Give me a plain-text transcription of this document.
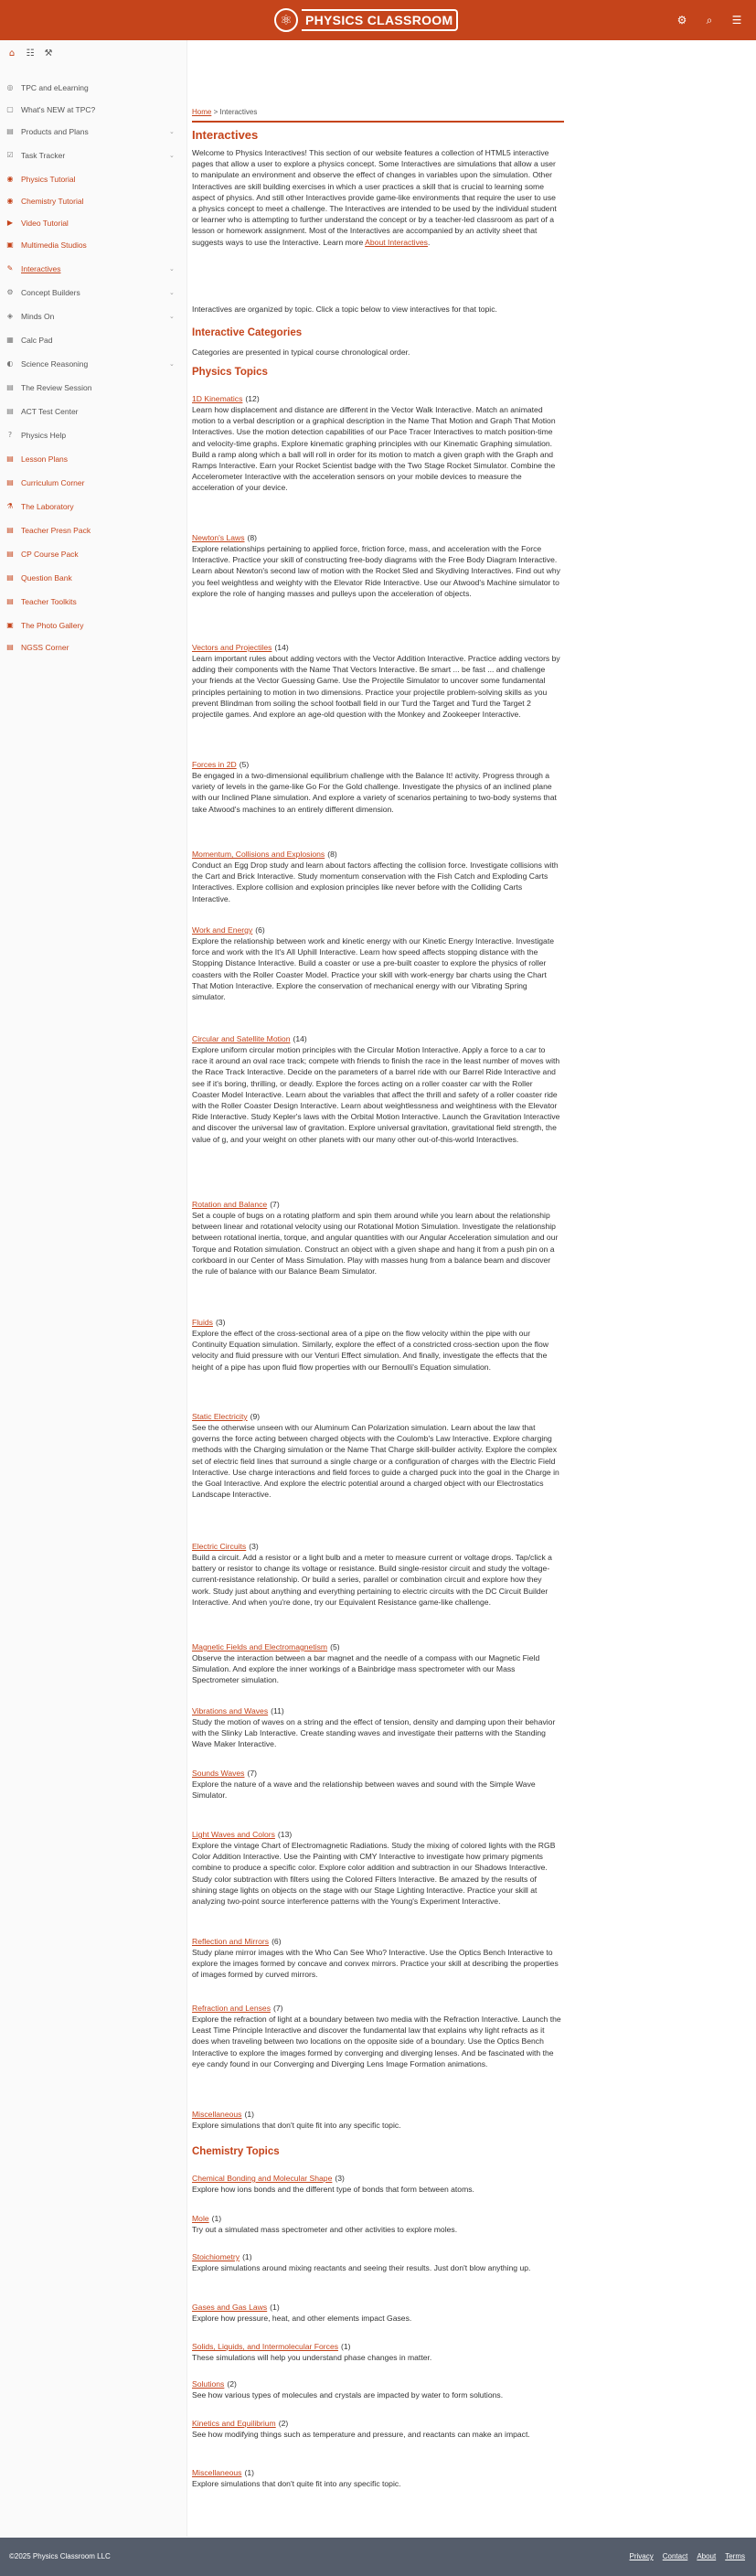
⚛	PHYSICS CLASSROOM	⚙	⌕	☰
⌂	☷ ⚒
◎ TPC and eLearning
▢ What's NEW at TPC?
▤ Products and Plans	⌄
☑ Task Tracker	⌄
◉ Physics Tutorial
◉ Chemistry Tutorial
▶ Video Tutorial
▣ Multimedia Studios
✎ Interactives	⌄
⚙ Concept Builders	⌄
◈ Minds On	⌄
▦ Calc Pad
◐ Science Reasoning	⌄
▤ The Review Session
▤ ACT Test Center
?	Physics Help
▤ Lesson Plans
▤ Curriculum Corner
⚗ The Laboratory
▤ Teacher Presn Pack
▤ CP Course Pack
▤ Question Bank
▤ Teacher Toolkits
▣ The Photo Gallery
▤ NGSS Corner
Home > Interactives
Interactives

Welcome to Physics Interactives! This section of our website features a collection of HTML5 interactive pages that allow a user to explore a physics concept. Some Interactives are simulations that allow a user to manipulate an environment and observe the effect of changes in variables upon the simulation. Other Interactives are skill building exercises in which a user practices a skill that is crucial to learning some aspect of physics. And still other Interactives provide game-like environments that require the user to use a physics concept to meet a challenge. The Interactives are intended to be used by the individual student or learner who is attempting to further understand the concept or by a teacher-led classroom as part of a lesson or homework assignment. Most of the Interactives are accompanied by an activity sheet that suggests ways to use the Interactive. Learn more About Interactives.

Interactives are organized by topic. Click a topic below to view interactives for that topic.

Interactive Categories

Categories are presented in typical course chronological order.

Physics Topics
1D Kinematics (12)
Learn how displacement and distance are different in the Vector Walk Interactive. Match an animated motion to a verbal description or a graphical description in the Name That Motion and Graph That Motion Interactives. Use the motion detection capabilities of our Pace Tracer Interactives to match position-time and velocity-time graphs. Explore kinematic graphing principles with our Kinematic Graphing simulation. Build a ramp along which a ball will roll in order for its motion to match a given graph with the Graph and Ramps Interactive. Earn your Rocket Scientist badge with the Two Stage Rocket Simulator. Combine the Accelerometer Interactive with the acceleration sensors on your mobile devices to measure the acceleration of your device.
Newton's Laws (8)
Explore relationships pertaining to applied force, friction force, mass, and acceleration with the Force Interactive. Practice your skill of constructing free-body diagrams with the Free Body Diagram Interactive. Learn about Newton's second law of motion with the Rocket Sled and Skydiving Interactives. Find out why you feel weightless and weighty with the Elevator Ride Interactive. Use our Atwood's Machine simulator to explore the role of hanging masses and pulleys upon the acceleration of objects.
Vectors and Projectiles (14)
Learn important rules about adding vectors with the Vector Addition Interactive. Practice adding vectors by adding their components with the Name That Vectors Interactive. Be smart ... be fast ... and challenge your friends at the Vector Guessing Game. Use the Projectile Simulator to uncover some fundamental principles pertaining to motion in two dimensions. Practice your projectile problem-solving skills as you prevent Blindman from soiling the school football field in our Turd the Target and Turd the Target 2 projectile games. And explore an age-old question with the Monkey and Zookeeper Interactive.
Forces in 2D (5)
Be engaged in a two-dimensional equilibrium challenge with the Balance It! activity. Progress through a variety of levels in the game-like Go For the Gold challenge. Investigate the physics of an inclined plane with our Inclined Plane simulation. And explore a variety of scenarios pertaining to two-body systems that take Atwood's machines to an entirely different dimension.
Momentum, Collisions and Explosions (8)
Conduct an Egg Drop study and learn about factors affecting the collision force. Investigate collisions with the Cart and Brick Interactive. Study momentum conservation with the Fish Catch and Exploding Carts Interactives. Explore collision and explosion principles like never before with the Colliding Carts Interactive.
Work and Energy (6)
Explore the relationship between work and kinetic energy with our Kinetic Energy Interactive. Investigate force and work with the It's All Uphill Interactive. Learn how speed affects stopping distance with the Stopping Distance Interactive. Build a coaster or use a pre-built coaster to explore the physics of roller coasters with the Roller Coaster Model. Practice your skill with work-energy bar charts using the Chart That Motion Interactive. Explore the conservation of mechanical energy with our Vibrating Spring simulator.
Circular and Satellite Motion (14)
Explore uniform circular motion principles with the Circular Motion Interactive. Apply a force to a car to race it around an oval race track; compete with friends to finish the race in the least number of moves with the Race Track Interactive. Decide on the parameters of a barrel ride with our Barrel Ride Interactive and see if it's boring, thrilling, or deadly. Explore the forces acting on a roller coaster car with the Roller Coaster Model Interactive. Learn about the variables that affect the thrill and safety of a roller coaster ride with the Roller Coaster Design Interactive. Learn about weightlessness and weightiness with the Elevator Ride Interactive. Study Kepler's laws with the Orbital Motion Interactive. Launch the Gravitation Interactive and discover the universal law of gravitation. Explore universal gravitation, gravitational field strength, the value of g, and your weight on other planets with our many other out-of-this-world Interactives.
Rotation and Balance (7)
Set a couple of bugs on a rotating platform and spin them around while you learn about the relationship between linear and rotational velocity using our Rotational Motion Simulation. Investigate the relationship between rotational inertia, torque, and angular quantities with our Angular Acceleration simulation and our Torque and Rotation simulation. Construct an object with a given shape and hang it from a push pin on a corkboard in our Center of Mass Simulation. Play with masses hung from a balance beam and discover the rule of balance with our Balance Beam Simulator.
Fluids (3)
Explore the effect of the cross-sectional area of a pipe on the flow velocity within the pipe with our Continuity Equation simulation. Similarly, explore the effect of a constricted cross-section upon the flow velocity and fluid pressure with our Venturi Effect simulation. And finally, investigate the effects that the height of a pipe has upon fluid flow properties with our Bernoulli's Equation simulation.
Static Electricity (9)
See the otherwise unseen with our Aluminum Can Polarization simulation. Learn about the law that governs the force acting between charged objects with the Coulomb's Law Interactive. Explore charging methods with the Charging simulation or the Name That Charge skill-builder activity. Explore the complex set of electric field lines that surround a single charge or a configuration of charges with the Electric Field Interactive. Use charge interactions and field forces to guide a charged puck into the goal in the Charge in the Goal Interactive. And explore the electric potential around a charged object with our Electrostatics Landscape Interactive.
Electric Circuits (3)
Build a circuit. Add a resistor or a light bulb and a meter to measure current or voltage drops. Tap/click a battery or resistor to change its voltage or resistance. Build single-resistor circuit and study the voltage-current-resistance relationship. Or build a series, parallel or combination circuit and explore how they work. Study just about anything and everything pertaining to electric circuits with the DC Circuit Builder Interactive. And when you're done, try our Equivalent Resistance game-like challenge.
Magnetic Fields and Electromagnetism (5)
Observe the interaction between a bar magnet and the needle of a compass with our Magnetic Field Simulation. And explore the inner workings of a Bainbridge mass spectrometer with our Mass Spectrometer simulation.
Vibrations and Waves (11)
Study the motion of waves on a string and the effect of tension, density and damping upon their behavior with the Slinky Lab Interactive. Create standing waves and investigate their patterns with the Standing Wave Maker Interactive.
Sounds Waves (7)
Explore the nature of a wave and the relationship between waves and sound with the Simple Wave Simulator.
Light Waves and Colors (13)
Explore the vintage Chart of Electromagnetic Radiations. Study the mixing of colored lights with the RGB Color Addition Interactive. Use the Painting with CMY Interactive to investigate how primary pigments combine to produce a specific color. Explore color addition and subtraction in our Shadows Interactive. Study color subtraction with filters using the Colored Filters Interactive. Be amazed by the results of shining stage lights on objects on the stage with our Stage Lighting Interactive. Practice your skill at analyzing two-point source interference patterns with the Young's Experiment Interactive.
Reflection and Mirrors (6)
Study plane mirror images with the Who Can See Who? Interactive. Use the Optics Bench Interactive to explore the images formed by concave and convex mirrors. Practice your skill at describing the properties of images formed by curved mirrors.
Refraction and Lenses (7)
Explore the refraction of light at a boundary between two media with the Refraction Interactive. Launch the Least Time Principle Interactive and discover the fundamental law that explains why light refracts as it does when traveling between two locations on the opposite side of a boundary. Use the Optics Bench Interactive to explore the images formed by converging and diverging lenses. And be fascinated with the eye candy found in our Converging and Diverging Lens Image Formation animations.
Miscellaneous (1)
Explore simulations that don't quite fit into any specific topic.
Chemistry Topics
Chemical Bonding and Molecular Shape (3)
Explore how ions bonds and the different type of bonds that form between atoms.
Mole (1)
Try out a simulated mass spectrometer and other activities to explore moles.
Stoichiometry (1)
Explore simulations around mixing reactants and seeing their results. Just don't blow anything up.
Gases and Gas Laws (1)
Explore how pressure, heat, and other elements impact Gases.
Solids, Liquids, and Intermolecular Forces (1)
These simulations will help you understand phase changes in matter.
Solutions (2)
See how various types of molecules and crystals are impacted by water to form solutions.
Kinetics and Equilibrium (2)
See how modifying things such as temperature and pressure, and reactants can make an impact.
Miscellaneous (1)
Explore simulations that don't quite fit into any specific topic.
©2025 Physics Classroom LLC	Privacy Contact About Terms
